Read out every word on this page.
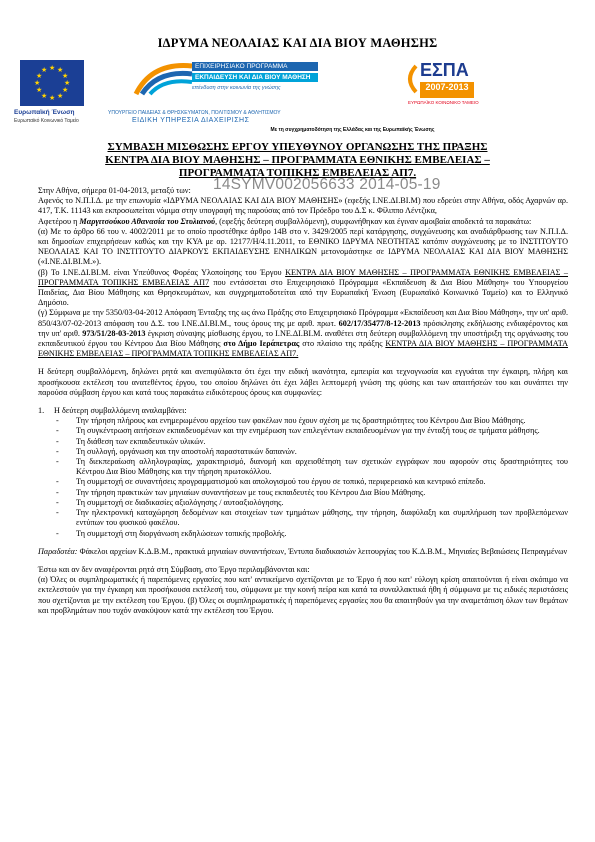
ΙΔΡΥΜΑ ΝΕΟΛΑΙΑΣ ΚΑΙ ΔΙΑ ΒΙΟΥ ΜΑΘΗΣΗΣ
★ ★
★
★
★
★
★
★
★
★
★
★
Ευρωπαϊκή Ένωση
Ευρωπαϊκό Κοινωνικό Ταμείο
ΕΠΙΧΕΙΡΗΣΙΑΚΟ ΠΡΟΓΡΑΜΜΑ
ΕΚΠΑΙΔΕΥΣΗ ΚΑΙ ΔΙΑ ΒΙΟΥ ΜΑΘΗΣΗ
επένδυση στην κοινωνία της γνώσης
ΥΠΟΥΡΓΕΙΟ ΠΑΙΔΕΙΑΣ & ΘΡΗΣΚΕΥΜΑΤΩΝ, ΠΟΛΙΤΙΣΜΟΥ & ΑΘΛΗΤΙΣΜΟΥ
ΕΙΔΙΚΗ ΥΠΗΡΕΣΙΑ ΔΙΑΧΕΙΡΙΣΗΣ
ΕΣΠΑ
2007-2013
ΕΥΡΩΠΑΪΚΟ ΚΟΙΝΩΝΙΚΟ ΤΑΜΕΙΟ
Με τη συγχρηματοδότηση της Ελλάδας και της Ευρωπαϊκής Ένωσης
ΣΥΜΒΑΣΗ ΜΙΣΘΩΣΗΣ ΕΡΓΟΥ ΥΠΕΥΘΥΝΟΥ ΟΡΓΑΝΩΣΗΣ ΤΗΣ ΠΡΑΞΗΣ
ΚΕΝΤΡΑ ΔΙΑ ΒΙΟΥ ΜΑΘΗΣΗΣ – ΠΡΟΓΡΑΜΜΑΤΑ ΕΘΝΙΚΗΣ ΕΜΒΕΛΕΙΑΣ –
ΠΡΟΓΡΑΜΜΑΤΑ ΤΟΠΙΚΗΣ ΕΜΒΕΛΕΙΑΣ ΑΠ7.
14SYMV002056633 2014-05-19

Στην Αθήνα, σήμερα 01-04-2013, μεταξύ των:

Αφενός το Ν.Π.Ι.Δ. με την επωνυμία «ΙΔΡΥΜΑ ΝΕΟΛΑΙΑΣ ΚΑΙ ΔΙΑ ΒΙΟΥ ΜΑΘΗΣΗΣ» (εφεξής Ι.ΝΕ.ΔΙ.ΒΙ.Μ) που εδρεύει στην Αθήνα, οδός Αχαρνών αρ. 417, Τ.Κ. 11143 και εκπροσωπείται νόμιμα στην υπογραφή της παρούσας από τον Πρόεδρο του Δ.Σ κ. Φίλιππο Λέντζικα,

Αφετέρου η Μαργιτσούκου Αθανασία του Στυλιανού, (εφεξής δεύτερη συμβαλλόμενη), συμφωνήθηκαν και έγιναν αμοιβαία αποδεκτά τα παρακάτω:

(α) Με το άρθρο 66 του ν. 4002/2011 με το οποίο προστέθηκε άρθρο 14Β στο ν. 3429/2005 περί κατάργησης, συγχώνευσης και αναδιάρθρωσης των Ν.Π.Ι.Δ. και δημοσίων επιχειρήσεων καθώς και την ΚΥΑ με αρ. 12177/Η/4.11.2011, το ΕΘΝΙΚΟ ΙΔΡΥΜΑ ΝΕΟΤΗΤΑΣ κατόπιν συγχώνευσης με το ΙΝΣΤΙΤΟΥΤΟ ΝΕΟΛΑΙΑΣ ΚΑΙ ΤΟ ΙΝΣΤΙΤΟΥΤΟ ΔΙΑΡΚΟΥΣ ΕΚΠΑΙΔΕΥΣΗΣ ΕΝΗΛΙΚΩΝ μετονομάστηκε σε ΙΔΡΥΜΑ ΝΕΟΛΑΙΑΣ ΚΑΙ ΔΙΑ ΒΙΟΥ ΜΑΘΗΣΗΣ («Ι.ΝΕ.ΔΙ.ΒΙ.Μ.»).

(β) Το Ι.ΝΕ.ΔΙ.ΒΙ.Μ. είναι Υπεύθυνος Φορέας Υλοποίησης του Έργου ΚΕΝΤΡΑ ΔΙΑ ΒΙΟΥ ΜΑΘΗΣΗΣ – ΠΡΟΓΡΑΜΜΑΤΑ ΕΘΝΙΚΗΣ ΕΜΒΕΛΕΙΑΣ – ΠΡΟΓΡΑΜΜΑΤΑ ΤΟΠΙΚΗΣ ΕΜΒΕΛΕΙΑΣ ΑΠ7 που εντάσσεται στο Επιχειρησιακό Πρόγραμμα «Εκπαίδευση & Δια Βίου Μάθηση» του Υπουργείου Παιδείας, Δια Βίου Μάθησης και Θρησκευμάτων, και συγχρηματοδοτείται από την Ευρωπαϊκή Ένωση (Ευρωπαϊκό Κοινωνικό Ταμείο) και το Ελληνικό Δημόσιο.

(γ) Σύμφωνα με την 5350/03-04-2012 Απόφαση Ένταξης της ως άνω Πράξης στο Επιχειρησιακό Πρόγραμμα «Εκπαίδευση και Δια Βίου Μάθηση», την υπ' αριθ. 850/43/07-02-2013 απόφαση του Δ.Σ. του Ι.ΝΕ.ΔΙ.ΒΙ.Μ., τους όρους της με αριθ. πρωτ. 602/17/35477/8-12-2013 πρόσκλησης εκδήλωσης ενδιαφέροντος και την υπ' αριθ. 973/51/28-03-2013 έγκριση σύναψης μίσθωσης έργου, το Ι.ΝΕ.ΔΙ.ΒΙ.Μ. αναθέτει στη δεύτερη συμβαλλόμενη την υποστήριξη της οργάνωσης του εκπαιδευτικού έργου του Κέντρου Δια Βίου Μάθησης στο Δήμο Ιεράπετρας στο πλαίσιο της πράξης ΚΕΝΤΡΑ ΔΙΑ ΒΙΟΥ ΜΑΘΗΣΗΣ – ΠΡΟΓΡΑΜΜΑΤΑ ΕΘΝΙΚΗΣ ΕΜΒΕΛΕΙΑΣ – ΠΡΟΓΡΑΜΜΑΤΑ ΤΟΠΙΚΗΣ ΕΜΒΕΛΕΙΑΣ ΑΠ7.

Η δεύτερη συμβαλλόμενη, δηλώνει ρητά και ανεπιφύλακτα ότι έχει την ειδική ικανότητα, εμπειρία και τεχνογνωσία και εγγυάται την έγκαιρη, πλήρη και προσήκουσα εκτέλεση του ανατεθέντος έργου, του οποίου δηλώνει ότι έχει λάβει λεπτομερή γνώση της φύσης και των απαιτήσεών του και συνάπτει την παρούσα σύμβαση έργου και κατά τους παρακάτω ειδικότερους όρους και συμφωνίες:

1. Η δεύτερη συμβαλλόμενη αναλαμβάνει:

- Την τήρηση πλήρους και ενημερωμένου αρχείου των φακέλων που έχουν σχέση με τις δραστηριότητες του Κέντρου Δια Βίου Μάθησης.
- Τη συγκέντρωση αιτήσεων εκπαιδευομένων και την ενημέρωση των επιλεγέντων εκπαιδευομένων για την ένταξή τους σε τμήματα μάθησης.
- Τη διάθεση των εκπαιδευτικών υλικών.
- Τη συλλογή, οργάνωση και την αποστολή παραστατικών δαπανών.
- Τη διεκπεραίωση αλληλογραφίας, χαρακτηρισμό, διανομή και αρχειοθέτηση των σχετικών εγγράφων που αφορούν στις δραστηριότητες του Κέντρου Δια Βίου Μάθησης και την τήρηση πρωτοκόλλου.
- Τη συμμετοχή σε συναντήσεις προγραμματισμού και απολογισμού του έργου σε τοπικό, περιφερειακό και κεντρικό επίπεδο.
- Την τήρηση πρακτικών των μηνιαίων συναντήσεων με τους εκπαιδευτές του Κέντρου Δια Βίου Μάθησης.
- Τη συμμετοχή σε διαδικασίες αξιολόγησης / αυτοαξιολόγησης.
- Την ηλεκτρονική καταχώρηση δεδομένων και στοιχείων των τμημάτων μάθησης, την τήρηση, διαφύλαξη και συμπλήρωση των προβλεπόμενων εντύπων του φυσικού φακέλου.
- Τη συμμετοχή στη διοργάνωση εκδηλώσεων τοπικής προβολής.

Παραδοτέα: Φάκελοι αρχείων Κ.Δ.Β.Μ., πρακτικά μηνιαίων συναντήσεων, Έντυπα διαδικασιών λειτουργίας του Κ.Δ.Β.Μ., Μηνιαίες Βεβαιώσεις Πεπραγμένων

Έστω και αν δεν αναφέρονται ρητά στη Σύμβαση, στο Έργο περιλαμβάνονται και:

(α) Όλες οι συμπληρωματικές ή παρεπόμενες εργασίες που κατ' αντικείμενο σχετίζονται με το Έργο ή που κατ' εύλογη κρίση απαιτούνται ή είναι σκόπιμο να εκτελεστούν για την έγκαιρη και προσήκουσα εκτέλεσή του, σύμφωνα με την κοινή πείρα και κατά τα συναλλακτικά ήθη ή σύμφωνα με τις ειδικές περιστάσεις που σχετίζονται με την εκτέλεση του Έργου. (β) Όλες οι συμπληρωματικές ή παρεπόμενες εργασίες που θα απαιτηθούν για την αναμετάπιση όλων των θεμάτων και προβλημάτων που τυχόν ανακύψουν κατά την εκτέλεση του Έργου.
